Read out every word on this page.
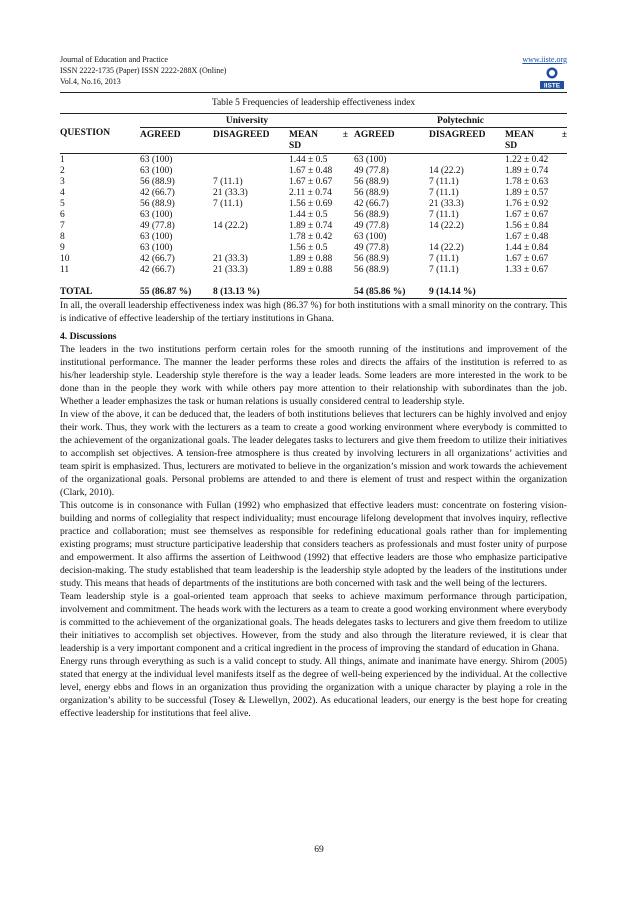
Journal of Education and Practice
ISSN 2222-1735 (Paper) ISSN 2222-288X (Online)
Vol.4, No.16, 2013
www.iiste.org
IISTE
Table 5 Frequencies of leadership effectiveness index
QUESTION	University			Polytechnic		
	AGREED	DISAGREED	MEAN ±	AGREED	DISAGREED	MEAN ±

			SD			SD
1	63 (100)		1.44 ± 0.5	63 (100)		1.22 ± 0.42
2	63 (100)		1.67 ± 0.48	49 (77.8)	14 (22.2)	1.89 ± 0.74
3	56 (88.9)	7 (11.1)	1.67 ± 0.67	56 (88.9)	7 (11.1)	1.78 ± 0.63
4	42 (66.7)	21 (33.3)	2.11 ± 0.74	56 (88.9)	7 (11.1)	1.89 ± 0.57
5	56 (88.9)	7 (11.1)	1.56 ± 0.69	42 (66.7)	21 (33.3)	1.76 ± 0.92
6	63 (100)		1.44 ± 0.5	56 (88.9)	7 (11.1)	1.67 ± 0.67
7	49 (77.8)	14 (22.2)	1.89 ± 0.74	49 (77.8)	14 (22.2)	1.56 ± 0.84
8	63 (100)		1.78 ± 0.42	63 (100)		1.67 ± 0.48
9	63 (100)		1.56 ± 0.5	49 (77.8)	14 (22.2)	1.44 ± 0.84
10	42 (66.7)	21 (33.3)	1.89 ± 0.88	56 (88.9)	7 (11.1)	1.67 ± 0.67
11	42 (66.7)	21 (33.3)	1.89 ± 0.88	56 (88.9)	7 (11.1)	1.33 ± 0.67

TOTAL	55 (86.87 %)	8 (13.13 %)		54 (85.86 %)	9 (14.14 %)	

In all, the overall leadership effectiveness index was high (86.37 %) for both institutions with a small minority on the contrary. This is indicative of effective leadership of the tertiary institutions in Ghana.

4. Discussions

The leaders in the two institutions perform certain roles for the smooth running of the institutions and improvement of the institutional performance. The manner the leader performs these roles and directs the affairs of the institution is referred to as his/her leadership style. Leadership style therefore is the way a leader leads. Some leaders are more interested in the work to be done than in the people they work with while others pay more attention to their relationship with subordinates than the job. Whether a leader emphasizes the task or human relations is usually considered central to leadership style.

In view of the above, it can be deduced that, the leaders of both institutions believes that lecturers can be highly involved and enjoy their work. Thus, they work with the lecturers as a team to create a good working environment where everybody is committed to the achievement of the organizational goals. The leader delegates tasks to lecturers and give them freedom to utilize their initiatives to accomplish set objectives. A tension-free atmosphere is thus created by involving lecturers in all organizations’ activities and team spirit is emphasized. Thus, lecturers are motivated to believe in the organization’s mission and work towards the achievement of the organizational goals. Personal problems are attended to and there is element of trust and respect within the organization (Clark, 2010).

This outcome is in consonance with Fullan (1992) who emphasized that effective leaders must: concentrate on fostering vision-building and norms of collegiality that respect individuality; must encourage lifelong development that involves inquiry, reflective practice and collaboration; must see themselves as responsible for redefining educational goals rather than for implementing existing programs; must structure participative leadership that considers teachers as professionals and must foster unity of purpose and empowerment. It also affirms the assertion of Leithwood (1992) that effective leaders are those who emphasize participative decision-making. The study established that team leadership is the leadership style adopted by the leaders of the institutions under study. This means that heads of departments of the institutions are both concerned with task and the well being of the lecturers.

Team leadership style is a goal-oriented team approach that seeks to achieve maximum performance through participation, involvement and commitment. The heads work with the lecturers as a team to create a good working environment where everybody is committed to the achievement of the organizational goals. The heads delegates tasks to lecturers and give them freedom to utilize their initiatives to accomplish set objectives. However, from the study and also through the literature reviewed, it is clear that leadership is a very important component and a critical ingredient in the process of improving the standard of education in Ghana.

Energy runs through everything as such is a valid concept to study. All things, animate and inanimate have energy. Shirom (2005) stated that energy at the individual level manifests itself as the degree of well-being experienced by the individual. At the collective level, energy ebbs and flows in an organization thus providing the organization with a unique character by playing a role in the organization’s ability to be successful (Tosey & Llewellyn, 2002). As educational leaders, our energy is the best hope for creating effective leadership for institutions that feel alive.

69
